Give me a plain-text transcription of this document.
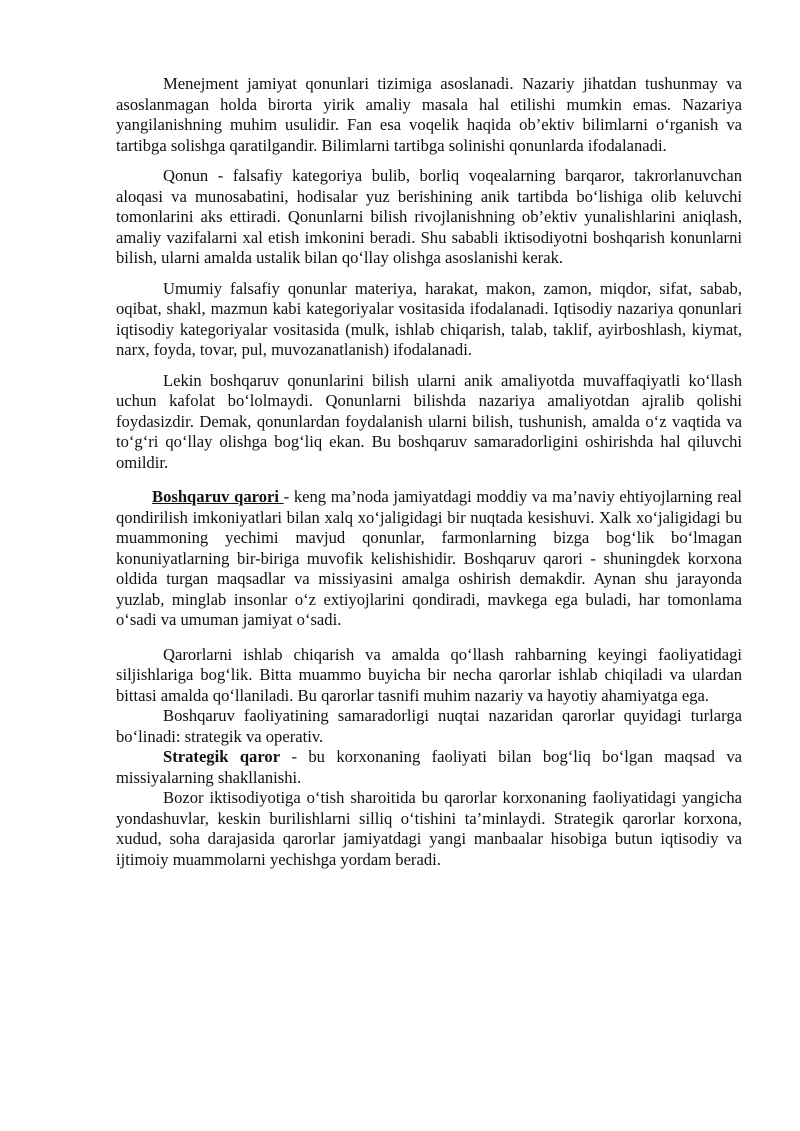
Menejment jamiyat qonunlari tizimiga asoslanadi. Nazariy jihatdan tushunmay va asoslanmagan holda birorta yirik amaliy masala hal etilishi mumkin emas. Nazariya yangilanishning muhim usulidir. Fan esa voqelik haqida ob’ektiv bilimlarni o‘rganish va tartibga solishga qaratilgandir. Bilimlarni tartibga solinishi qonunlarda ifodalanadi.

Qonun - falsafiy kategoriya bulib, borliq voqealarning barqaror, takrorlanuvchan aloqasi va munosabatini, hodisalar yuz berishining anik tartibda bo‘lishiga olib keluvchi tomonlarini aks ettiradi. Qonunlarni bilish rivojlanishning ob’ektiv yunalishlarini aniqlash, amaliy vazifalarni xal etish imkonini beradi. Shu sababli iktisodiyotni boshqarish konunlarni bilish, ularni amalda ustalik bilan qo‘llay olishga asoslanishi kerak.

Umumiy falsafiy qonunlar materiya, harakat, makon, zamon, miqdor, sifat, sabab, oqibat, shakl, mazmun kabi kategoriyalar vositasida ifodalanadi. Iqtisodiy nazariya qonunlari iqtisodiy kategoriyalar vositasida (mulk, ishlab chiqarish, talab, taklif, ayirboshlash, kiymat, narx, foyda, tovar, pul, muvozanatlanish) ifodalanadi.

Lekin boshqaruv qonunlarini bilish ularni anik amaliyotda muvaffaqiyatli ko‘llash uchun kafolat bo‘lolmaydi. Qonunlarni bilishda nazariya amaliyotdan ajralib qolishi foydasizdir. Demak, qonunlardan foydalanish ularni bilish, tushunish, amalda o‘z vaqtida va to‘g‘ri qo‘llay olishga bog‘liq ekan. Bu boshqaruv samaradorligini oshirishda hal qiluvchi omildir.

Boshqaruv qarori - keng ma’noda jamiyatdagi moddiy va ma’naviy ehtiyojlarning real qondirilish imkoniyatlari bilan xalq xo‘jaligidagi bir nuqtada kesishuvi. Xalk xo‘jaligidagi bu muammoning yechimi mavjud qonunlar, farmonlarning bizga bog‘lik bo‘lmagan konuniyatlarning bir-biriga muvofik kelishishidir. Boshqaruv qarori - shuningdek korxona oldida turgan maqsadlar va missiyasini amalga oshirish demakdir. Aynan shu jarayonda yuzlab, minglab insonlar o‘z extiyojlarini qondiradi, mavkega ega buladi, har tomonlama o‘sadi va umuman jamiyat o‘sadi.

Qarorlarni ishlab chiqarish va amalda qo‘llash rahbarning keyingi faoliyatidagi siljishlariga bog‘lik. Bitta muammo buyicha bir necha qarorlar ishlab chiqiladi va ulardan bittasi amalda qo‘llaniladi. Bu qarorlar tasnifi muhim nazariy va hayotiy ahamiyatga ega.

Boshqaruv faoliyatining samaradorligi nuqtai nazaridan qarorlar quyidagi turlarga bo‘linadi: strategik va operativ.

Strategik qaror - bu korxonaning faoliyati bilan bog‘liq bo‘lgan maqsad va missiyalarning shakllanishi.

Bozor iktisodiyotiga o‘tish sharoitida bu qarorlar korxonaning faoliyatidagi yangicha yondashuvlar, keskin burilishlarni silliq o‘tishini ta’minlaydi. Strategik qarorlar korxona, xudud, soha darajasida qarorlar jamiyatdagi yangi manbaalar hisobiga butun iqtisodiy va ijtimoiy muammolarni yechishga yordam beradi.
